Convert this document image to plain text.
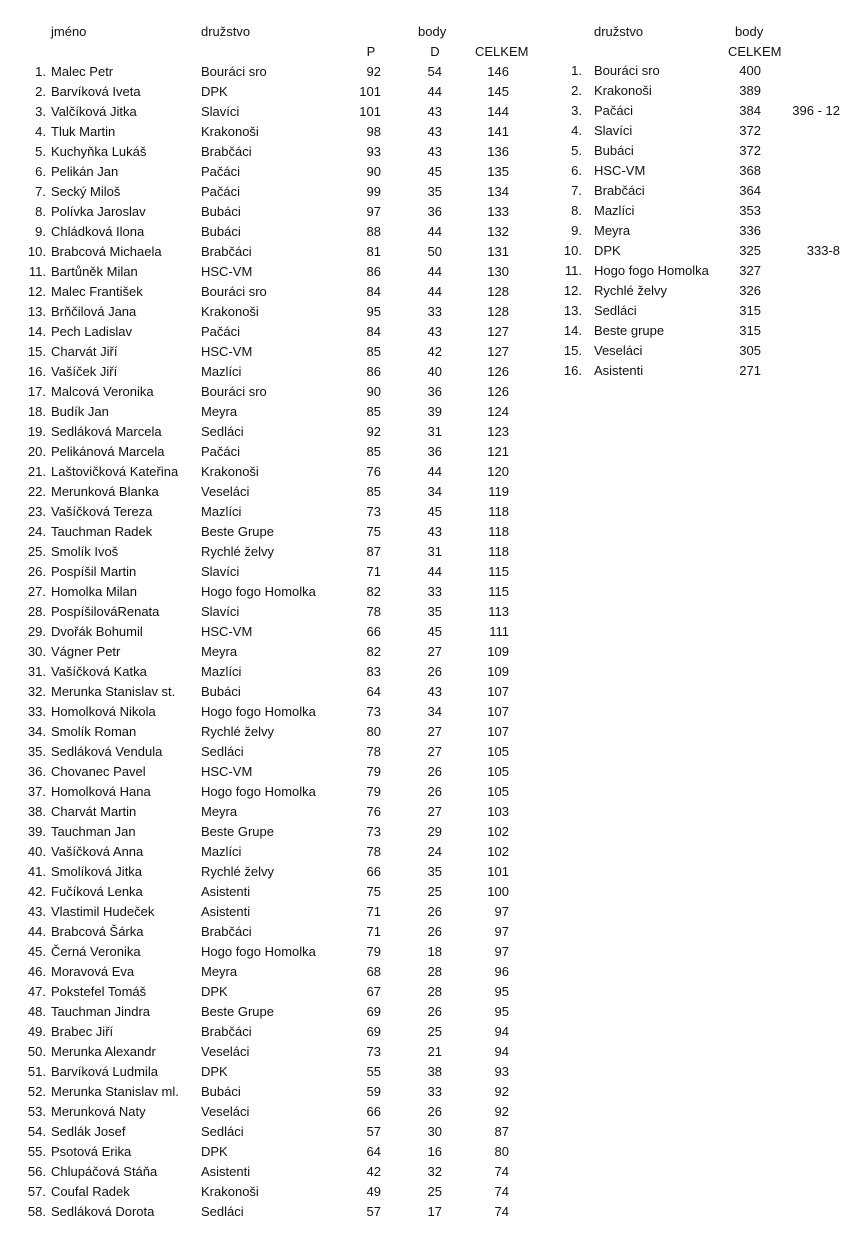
jméno	družstvo	body
P	D	CELKEM
1. Malec Petr	Bouráci sro	92	54	146
2. Barvíková Iveta	DPK	101	44	145
3. Valčíková Jitka	Slavíci	101	43	144
4. Tluk Martin	Krakonoši	98	43	141
5. Kuchyňka Lukáš	Brabčáci	93	43	136
6. Pelikán Jan	Pačáci	90	45	135
7. Secký Miloš	Pačáci	99	35	134
8. Polívka Jaroslav	Bubáci	97	36	133
9. Chládková Ilona	Bubáci	88	44	132
10. Brabcová Michaela	Brabčáci	81	50	131
11. Bartůněk Milan	HSC-VM	86	44	130
12. Malec František	Bouráci sro	84	44	128
13. Brňčilová Jana	Krakonoši	95	33	128
14. Pech Ladislav	Pačáci	84	43	127
15. Charvát Jiří	HSC-VM	85	42	127
16. Vašíček Jiří	Mazlíci	86	40	126
17. Malcová Veronika	Bouráci sro	90	36	126
18. Budík Jan	Meyra	85	39	124
19. Sedláková Marcela	Sedláci	92	31	123
20. Pelikánová Marcela	Pačáci	85	36	121
21. Laštovičková Kateřina	Krakonoši	76	44	120
22. Merunková Blanka	Veseláci	85	34	119
23. Vašíčková Tereza	Mazlíci	73	45	118
24. Tauchman Radek	Beste Grupe	75	43	118
25. Smolík Ivoš	Rychlé želvy	87	31	118
26. Pospíšil Martin	Slavíci	71	44	115
27. Homolka Milan	Hogo fogo Homolka	82	33	115
28. PospíšilováRenata	Slavíci	78	35	113
29. Dvořák Bohumil	HSC-VM	66	45	111
30. Vágner Petr	Meyra	82	27	109
31. Vašíčková Katka	Mazlíci	83	26	109
32. Merunka Stanislav st.	Bubáci	64	43	107
33. Homolková Nikola	Hogo fogo Homolka	73	34	107
34. Smolík Roman	Rychlé želvy	80	27	107
35. Sedláková Vendula	Sedláci	78	27	105
36. Chovanec Pavel	HSC-VM	79	26	105
37. Homolková Hana	Hogo fogo Homolka	79	26	105
38. Charvát Martin	Meyra	76	27	103
39. Tauchman Jan	Beste Grupe	73	29	102
40. Vašíčková Anna	Mazlíci	78	24	102
41. Smolíková Jitka	Rychlé želvy	66	35	101
42. Fučíková Lenka	Asistenti	75	25	100
43. Vlastimil Hudeček	Asistenti	71	26	97
44. Brabcová Šárka	Brabčáci	71	26	97
45. Černá Veronika	Hogo fogo Homolka	79	18	97
46. Moravová Eva	Meyra	68	28	96
47. Pokstefel Tomáš	DPK	67	28	95
48. Tauchman Jindra	Beste Grupe	69	26	95
49. Brabec Jiří	Brabčáci	69	25	94
50. Merunka Alexandr	Veseláci	73	21	94
51. Barvíková Ludmila	DPK	55	38	93
52. Merunka Stanislav ml.	Bubáci	59	33	92
53. Merunková Naty	Veseláci	66	26	92
54. Sedlák Josef	Sedláci	57	30	87
55. Psotová Erika	DPK	64	16	80
56. Chlupáčová Stáňa	Asistenti	42	32	74
57. Coufal Radek	Krakonoši	49	25	74
58. Sedláková Dorota	Sedláci	57	17	74
družstvo	body
CELKEM
1. Bouráci sro	400
2. Krakonoši	389
3. Pačáci	384	396 - 12
4. Slavíci	372
5. Bubáci	372
6. HSC-VM	368
7. Brabčáci	364
8. Mazlíci	353
9. Meyra	336
10. DPK	325	333-8
11. Hogo fogo Homolka	327
12. Rychlé želvy	326
13. Sedláci	315
14. Beste grupe	315
15. Veseláci	305
16. Asistenti	271
